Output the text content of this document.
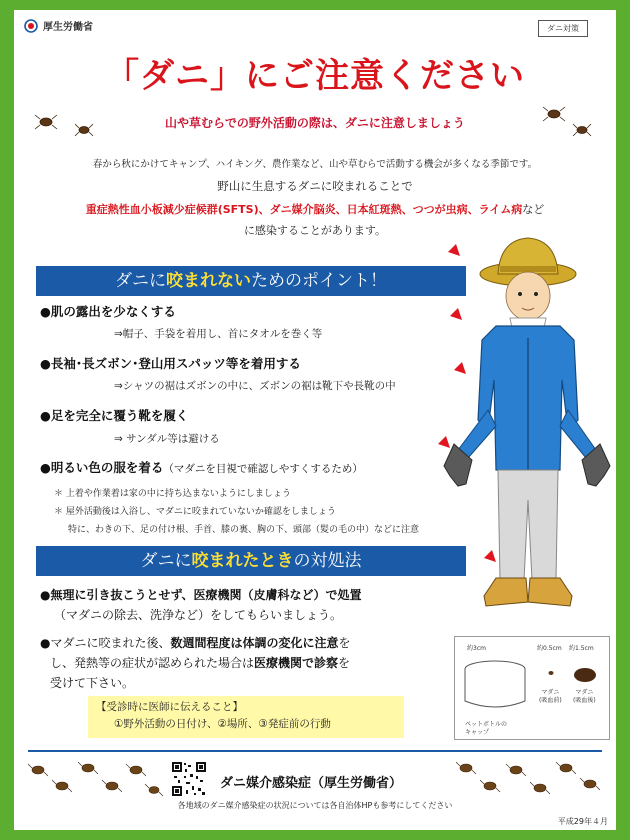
厚生労働省	ダニ対策
「ダニ」にご注意ください
山や草むらでの野外活動の際は、ダニに注意しましょう
春から秋にかけてキャンプ、ハイキング、農作業など、山や草むらで活動する機会が多くなる季節です。
野山に生息するダニに咬まれることで
重症熱性血小板減少症候群(SFTS)、ダニ媒介脳炎、日本紅斑熱、つつが虫病、ライム病など
に感染することがあります。
ダニに咬まれないためのポイント！
●肌の露出を少なくする
⇒帽子、手袋を着用し、首にタオルを巻く等
●長袖･長ズボン･登山用スパッツ等を着用する
⇒シャツの裾はズボンの中に、ズボンの裾は靴下や長靴の中
●足を完全に覆う靴を履く
⇒ サンダル等は避ける
●明るい色の服を着る（マダニを目視で確認しやすくするため）
＊ 上着や作業着は家の中に持ち込まないようにしましょう
＊ 屋外活動後は入浴し、マダニに咬まれていないか確認をしましょう
特に、わきの下、足の付け根、手首、膝の裏、胸の下、頭部（髪の毛の中）などに注意
ダニに咬まれたときの対処法
●無理に引き抜こうとせず、医療機関（皮膚科など）で処置
（マダニの除去、洗浄など）をしてもらいましょう。
●マダニに咬まれた後、数週間程度は体調の変化に注意を
し、発熱等の症状が認められた場合は医療機関で診察を
受けて下さい。
【受診時に医師に伝えること】
①野外活動の日付け、②場所、③発症前の行動
約3cm	約0.5cm 約1.5cm
ペットボトルの
キャップ
マダニ
(吸血前)
マダニ
(吸血後)
ダニ媒介感染症（厚生労働省）
各地域のダニ媒介感染症の状況については各自治体HPも参考にしてください
平成29年４月
